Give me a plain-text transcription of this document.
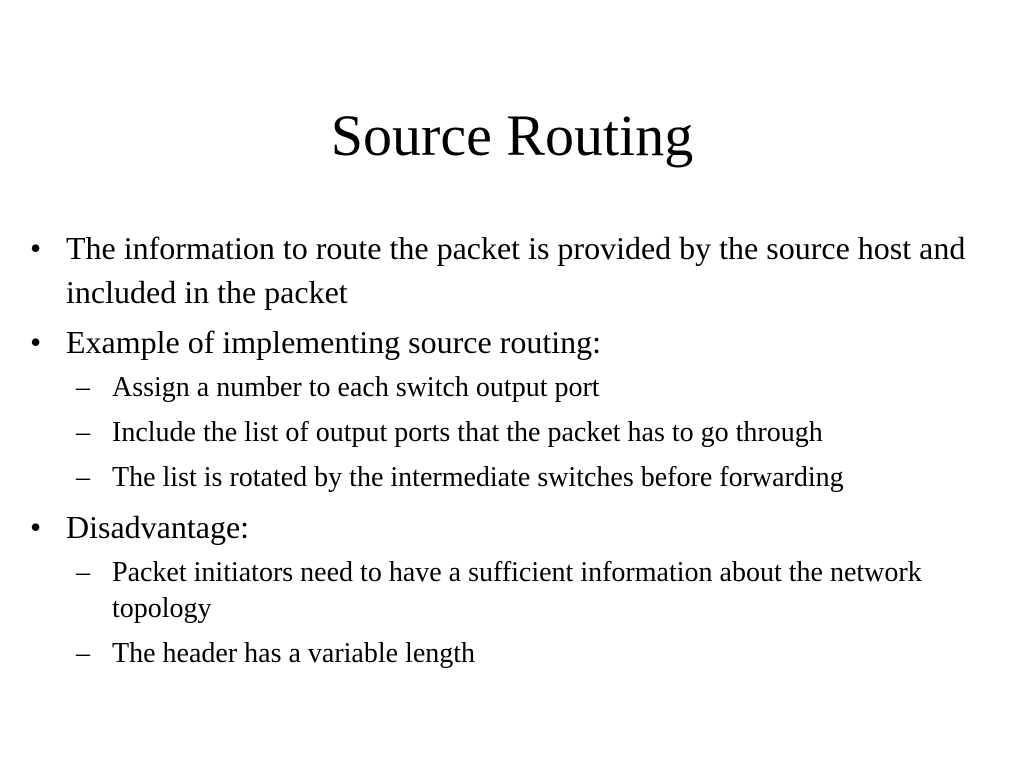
Source Routing
• The information to route the packet is provided by the source host and included in the packet
• Example of implementing source routing:
– Assign a number to each switch output port
– Include the list of output ports that the packet has to go through
– The list is rotated by the intermediate switches before forwarding
• Disadvantage:
– Packet initiators need to have a sufficient information about the network topology
– The header has a variable length
